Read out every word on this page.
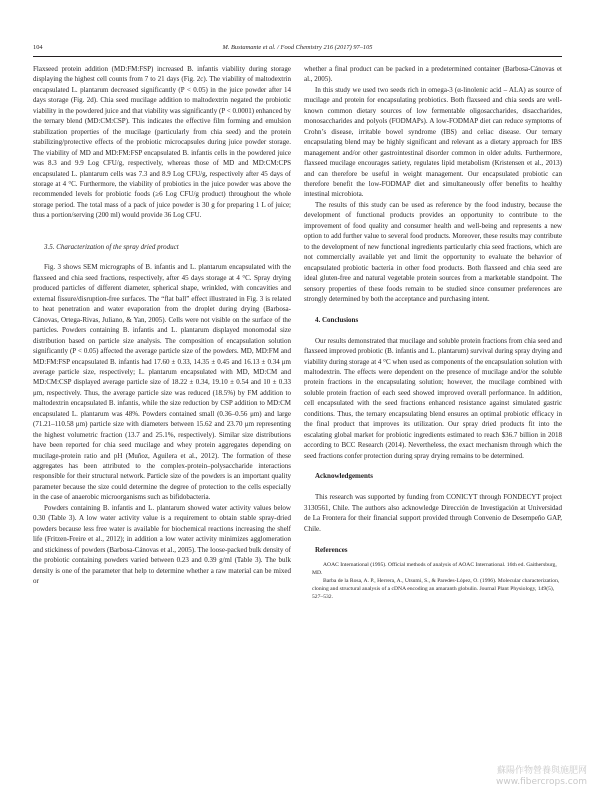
104	M. Bustamante et al. / Food Chemistry 216 (2017) 97–105

Flaxseed protein addition (MD:FM:FSP) increased B. infantis viability during storage displaying the highest cell counts from 7 to 21 days (Fig. 2c). The viability of maltodextrin encapsulated L. plantarum decreased significantly (P < 0.05) in the juice powder after 14 days storage (Fig. 2d). Chia seed mucilage addition to maltodextrin negated the probiotic viability in the powdered juice and that viability was significantly (P < 0.0001) enhanced by the ternary blend (MD:CM:CSP). This indicates the effective film forming and emulsion stabilization properties of the mucilage (particularly from chia seed) and the protein stabilizing/protective effects of the probiotic microcapsules during juice powder storage. The viability of MD and MD:FM:FSP encapsulated B. infantis cells in the powdered juice was 8.3 and 9.9 Log CFU/g, respectively, whereas those of MD and MD:CM:CPS encapsulated L. plantarum cells was 7.3 and 8.9 Log CFU/g, respectively after 45 days of storage at 4 °C. Furthermore, the viability of probiotics in the juice powder was above the recommended levels for probiotic foods (≥6 Log CFU/g product) throughout the whole storage period. The total mass of a pack of juice powder is 30 g for preparing 1 L of juice; thus a portion/serving (200 ml) would provide 36 Log CFU.

3.5. Characterization of the spray dried product

Fig. 3 shows SEM micrographs of B. infantis and L. plantarum encapsulated with the flaxseed and chia seed fractions, respectively, after 45 days storage at 4 °C. Spray drying produced particles of different diameter, spherical shape, wrinkled, with concavities and external fissure/disruption-free surfaces. The “flat ball” effect illustrated in Fig. 3 is related to heat penetration and water evaporation from the droplet during drying (Barbosa-Cánovas, Ortega-Rivas, Juliano, & Yan, 2005). Cells were not visible on the surface of the particles. Powders containing B. infantis and L. plantarum displayed monomodal size distribution based on particle size analysis. The composition of encapsulation solution significantly (P < 0.05) affected the average particle size of the powders. MD, MD:FM and MD:FM:FSP encapsulated B. infantis had 17.60 ± 0.33, 14.35 ± 0.45 and 16.13 ± 0.34 μm average particle size, respectively; L. plantarum encapsulated with MD, MD:CM and MD:CM:CSP displayed average particle size of 18.22 ± 0.34, 19.10 ± 0.54 and 10 ± 0.33 μm, respectively. Thus, the average particle size was reduced (18.5%) by FM addition to maltodextrin encapsulated B. infantis, while the size reduction by CSP addition to MD:CM encapsulated L. plantarum was 48%. Powders contained small (0.36–0.56 μm) and large (71.21–110.58 μm) particle size with diameters between 15.62 and 23.70 μm representing the highest volumetric fraction (13.7 and 25.1%, respectively). Similar size distributions have been reported for chia seed mucilage and whey protein aggregates depending on mucilage-protein ratio and pH (Muñoz, Aguilera et al., 2012). The formation of these aggregates has been attributed to the complex-protein–polysaccharide interactions responsible for their structural network. Particle size of the powders is an important quality parameter because the size could determine the degree of protection to the cells especially in the case of anaerobic microorganisms such as bifidobacteria.

Powders containing B. infantis and L. plantarum showed water activity values below 0.30 (Table 3). A low water activity value is a requirement to obtain stable spray-dried powders because less free water is available for biochemical reactions increasing the shelf life (Fritzen-Freire et al., 2012); in addition a low water activity minimizes agglomeration and stickiness of powders (Barbosa-Cánovas et al., 2005). The loose-packed bulk density of the probiotic containing powders varied between 0.23 and 0.39 g/ml (Table 3). The bulk density is one of the parameter that help to determine whether a raw material can be mixed or

whether a final product can be packed in a predetermined container (Barbosa-Cánovas et al., 2005).

In this study we used two seeds rich in omega-3 (α-linolenic acid – ALA) as source of mucilage and protein for encapsulating probiotics. Both flaxseed and chia seeds are well-known common dietary sources of low fermentable oligosaccharides, disaccharides, monosaccharides and polyols (FODMAPs). A low-FODMAP diet can reduce symptoms of Crohn’s disease, irritable bowel syndrome (IBS) and celiac disease. Our ternary encapsulating blend may be highly significant and relevant as a dietary approach for IBS management and/or other gastrointestinal disorder common in older adults. Furthermore, flaxseed mucilage encourages satiety, regulates lipid metabolism (Kristensen et al., 2013) and can therefore be useful in weight management. Our encapsulated probiotic can therefore benefit the low-FODMAP diet and simultaneously offer benefits to healthy intestinal microbiota.

The results of this study can be used as reference by the food industry, because the development of functional products provides an opportunity to contribute to the improvement of food quality and consumer health and well-being and represents a new option to add further value to several food products. Moreover, these results may contribute to the development of new functional ingredients particularly chia seed fractions, which are not commercially available yet and limit the opportunity to evaluate the behavior of encapsulated probiotic bacteria in other food products. Both flaxseed and chia seed are ideal gluten-free and natural vegetable protein sources from a marketable standpoint. The sensory properties of these foods remain to be studied since consumer preferences are strongly determined by both the acceptance and purchasing intent.

4. Conclusions

Our results demonstrated that mucilage and soluble protein fractions from chia seed and flaxseed improved probiotic (B. infantis and L. plantarum) survival during spray drying and viability during storage at 4 °C when used as components of the encapsulation solution with maltodextrin. The effects were dependent on the presence of mucilage and/or the soluble protein fractions in the encapsulating solution; however, the mucilage combined with soluble protein fraction of each seed showed improved overall performance. In addition, cell encapsulated with the seed fractions enhanced resistance against simulated gastric conditions. Thus, the ternary encapsulating blend ensures an optimal probiotic efficacy in the final product that improves its utilization. Our spray dried products fit into the escalating global market for probiotic ingredients estimated to reach $36.7 billion in 2018 according to BCC Research (2014). Nevertheless, the exact mechanism through which the seed fractions confer protection during spray drying remains to be determined.

Acknowledgements

This research was supported by funding from CONICYT through FONDECYT project 3130561, Chile. The authors also acknowledge Dirección de Investigación at Universidad de La Frontera for their financial support provided through Convenio de Desempeño GAP, Chile.

References

AOAC International (1995). Official methods of analysis of AOAC International. 16th ed. Gaithersburg, MD.

Barba de la Rosa, A. P., Herrera, A., Utsumi, S., & Paredes-López, O. (1996). Molecular characterization, cloning and structural analysis of a cDNA encoding an amaranth globulin. Journal Plant Physiology, 149(5), 527–532.

蘇陽作物營養與施肥网
www.fibercrops.com
